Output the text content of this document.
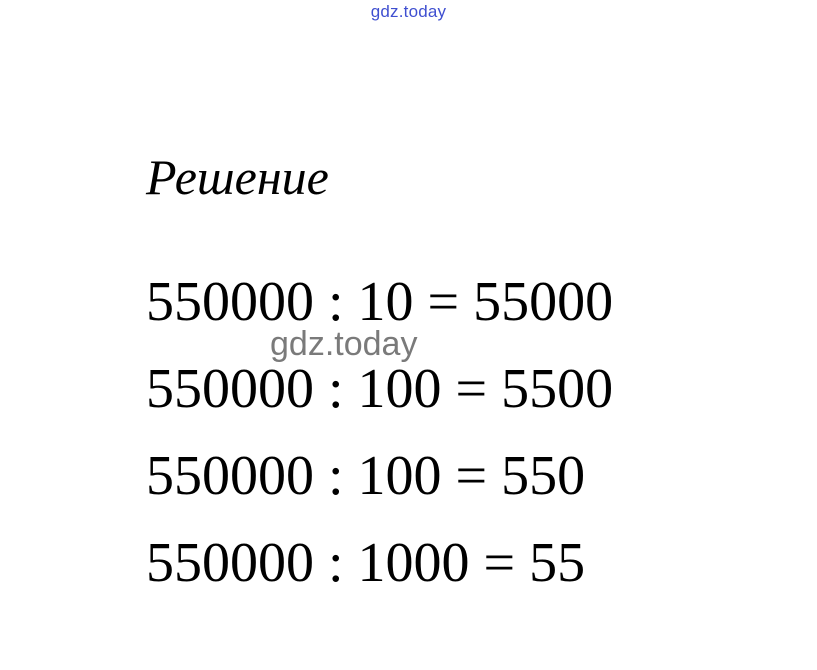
gdz.today
Решение
550000 : 10 = 55000
550000 : 100 = 5500
550000 : 100 = 550
550000 : 1000 = 55
gdz.today
